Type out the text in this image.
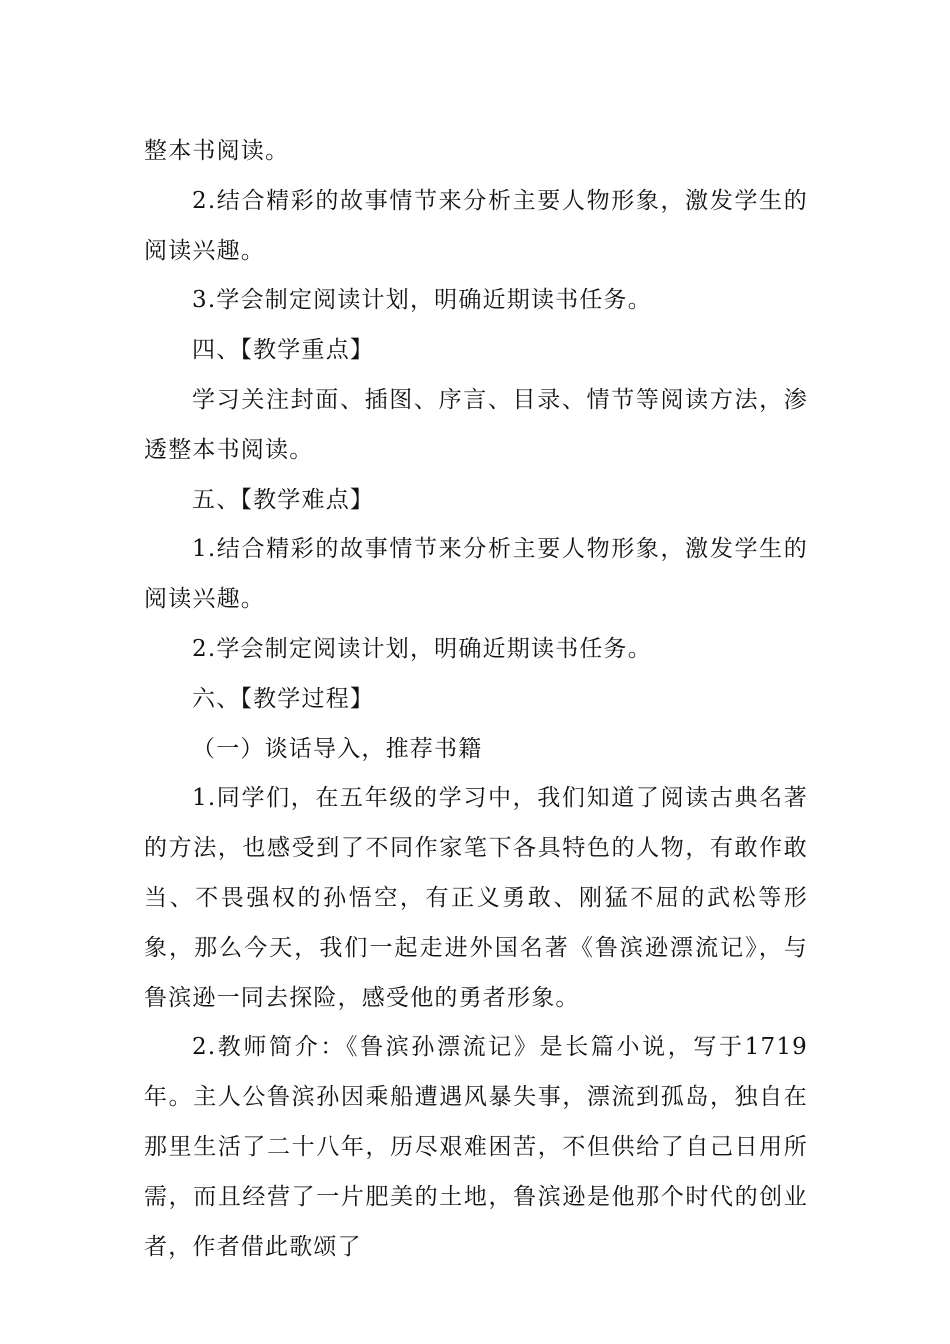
整本书阅读。

2.结合精彩的故事情节来分析主要人物形象，激发学生的阅读兴趣。

3.学会制定阅读计划，明确近期读书任务。

四、【教学重点】

学习关注封面、插图、序言、目录、情节等阅读方法，渗透整本书阅读。

五、【教学难点】

1.结合精彩的故事情节来分析主要人物形象，激发学生的阅读兴趣。

2.学会制定阅读计划，明确近期读书任务。

六、【教学过程】

（一）谈话导入，推荐书籍

1.同学们，在五年级的学习中，我们知道了阅读古典名著的方法，也感受到了不同作家笔下各具特色的人物，有敢作敢当、不畏强权的孙悟空，有正义勇敢、刚猛不屈的武松等形象，那么今天，我们一起走进外国名著《鲁滨逊漂流记》，与鲁滨逊一同去探险，感受他的勇者形象。

2.教师简介：《鲁滨孙漂流记》是长篇小说，写于1719年。主人公鲁滨孙因乘船遭遇风暴失事，漂流到孤岛，独自在那里生活了二十八年，历尽艰难困苦，不但供给了自己日用所需，而且经营了一片肥美的土地，鲁滨逊是他那个时代的创业者，作者借此歌颂了
